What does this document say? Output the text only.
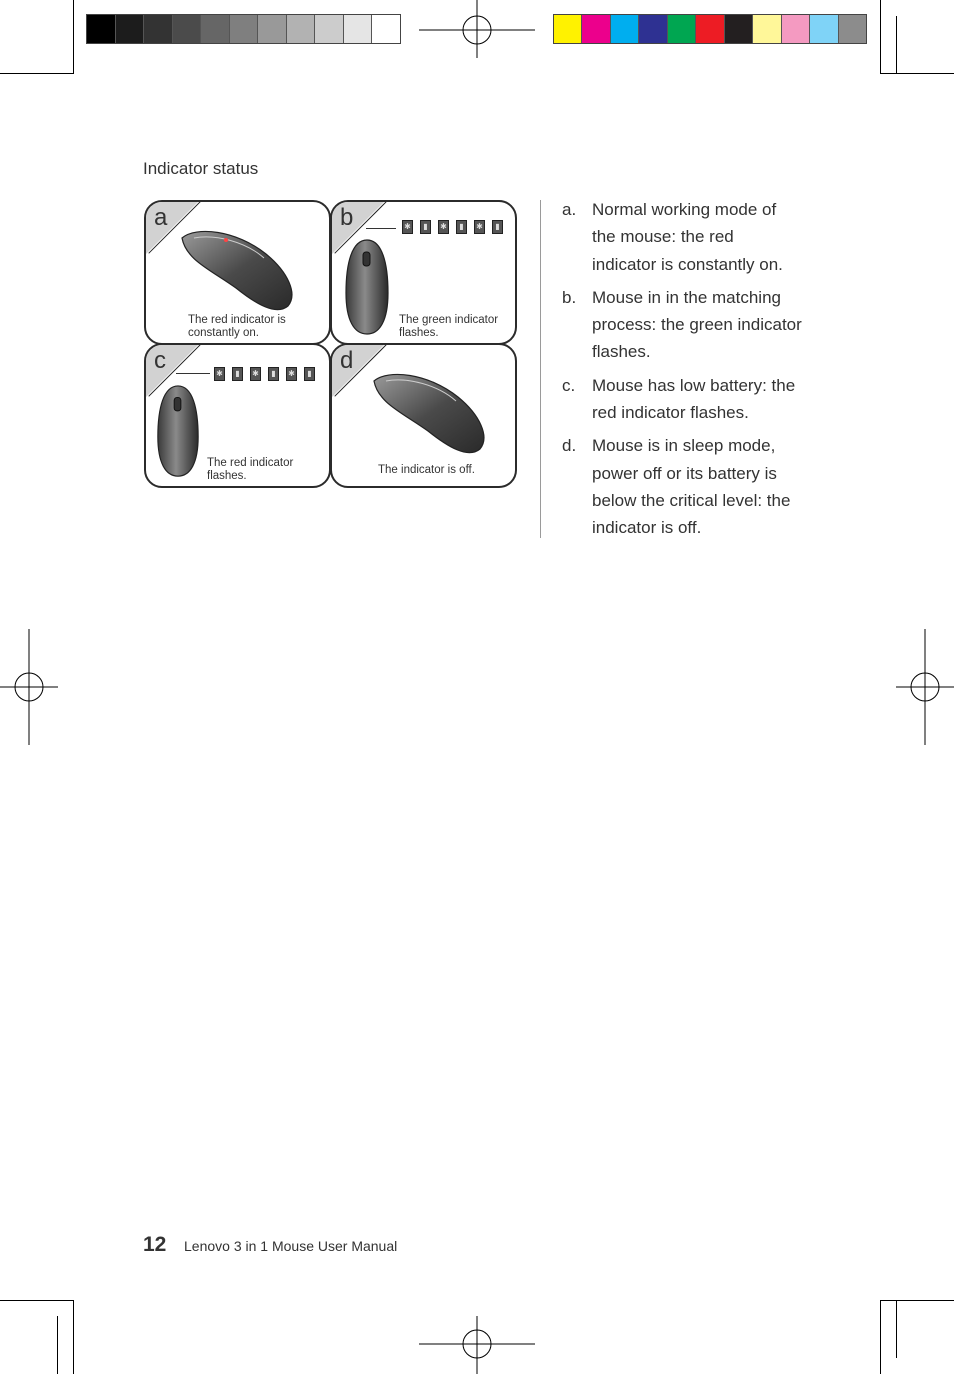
Indicator status
a
The red indicator is constantly on.
b	✱	▮	✱	▮	✱	▮
The green indicator flashes.
c	✱	▮	✱	▮	✱	▮
The red indicator flashes.
d
The indicator is off.
a. Normal working mode of the mouse: the red indicator is constantly on.
b. Mouse in in the matching process: the green indicator flashes.
c. Mouse has low battery: the red indicator flashes.
d. Mouse is in sleep mode, power off or its battery is below the critical level: the indicator is off.
12 Lenovo 3 in 1 Mouse User Manual
